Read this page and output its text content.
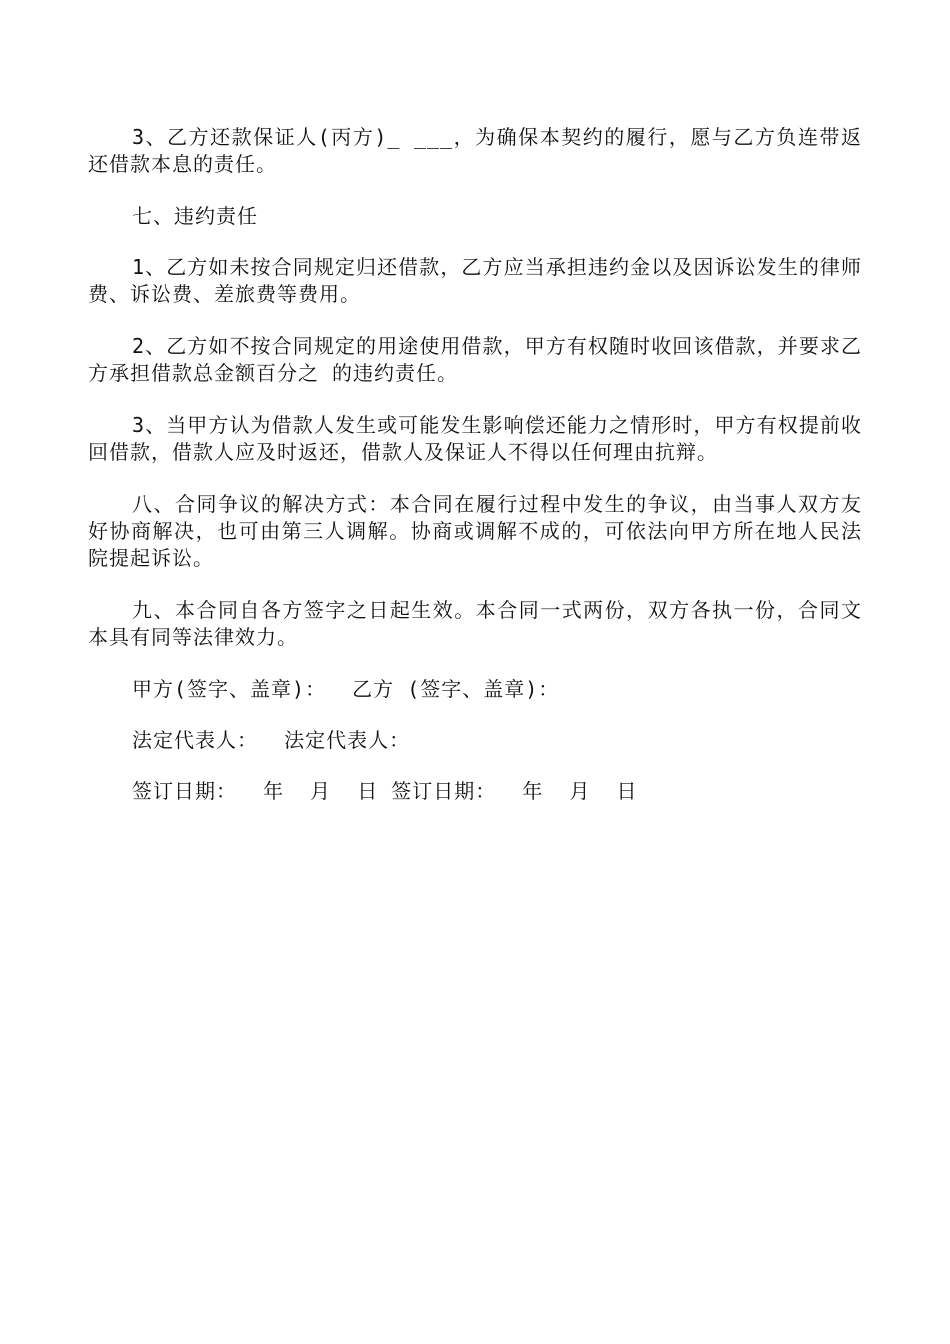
3、乙方还款保证人(丙方)_ ___，为确保本契约的履行，愿与乙方负连带返还借款本息的责任。

七、违约责任

1、乙方如未按合同规定归还借款，乙方应当承担违约金以及因诉讼发生的律师费、诉讼费、差旅费等费用。

2、乙方如不按合同规定的用途使用借款，甲方有权随时收回该借款，并要求乙方承担借款总金额百分之 的违约责任。

3、当甲方认为借款人发生或可能发生影响偿还能力之情形时，甲方有权提前收回借款，借款人应及时返还，借款人及保证人不得以任何理由抗辩。

八、合同争议的解决方式：本合同在履行过程中发生的争议，由当事人双方友好协商解决，也可由第三人调解。协商或调解不成的，可依法向甲方所在地人民法院提起诉讼。

九、本合同自各方签字之日起生效。本合同一式两份，双方各执一份，合同文本具有同等法律效力。

甲方(签字、盖章)：  乙方 (签字、盖章)：

法定代表人：  法定代表人：

签订日期：  年  月  日 签订日期：  年  月  日
